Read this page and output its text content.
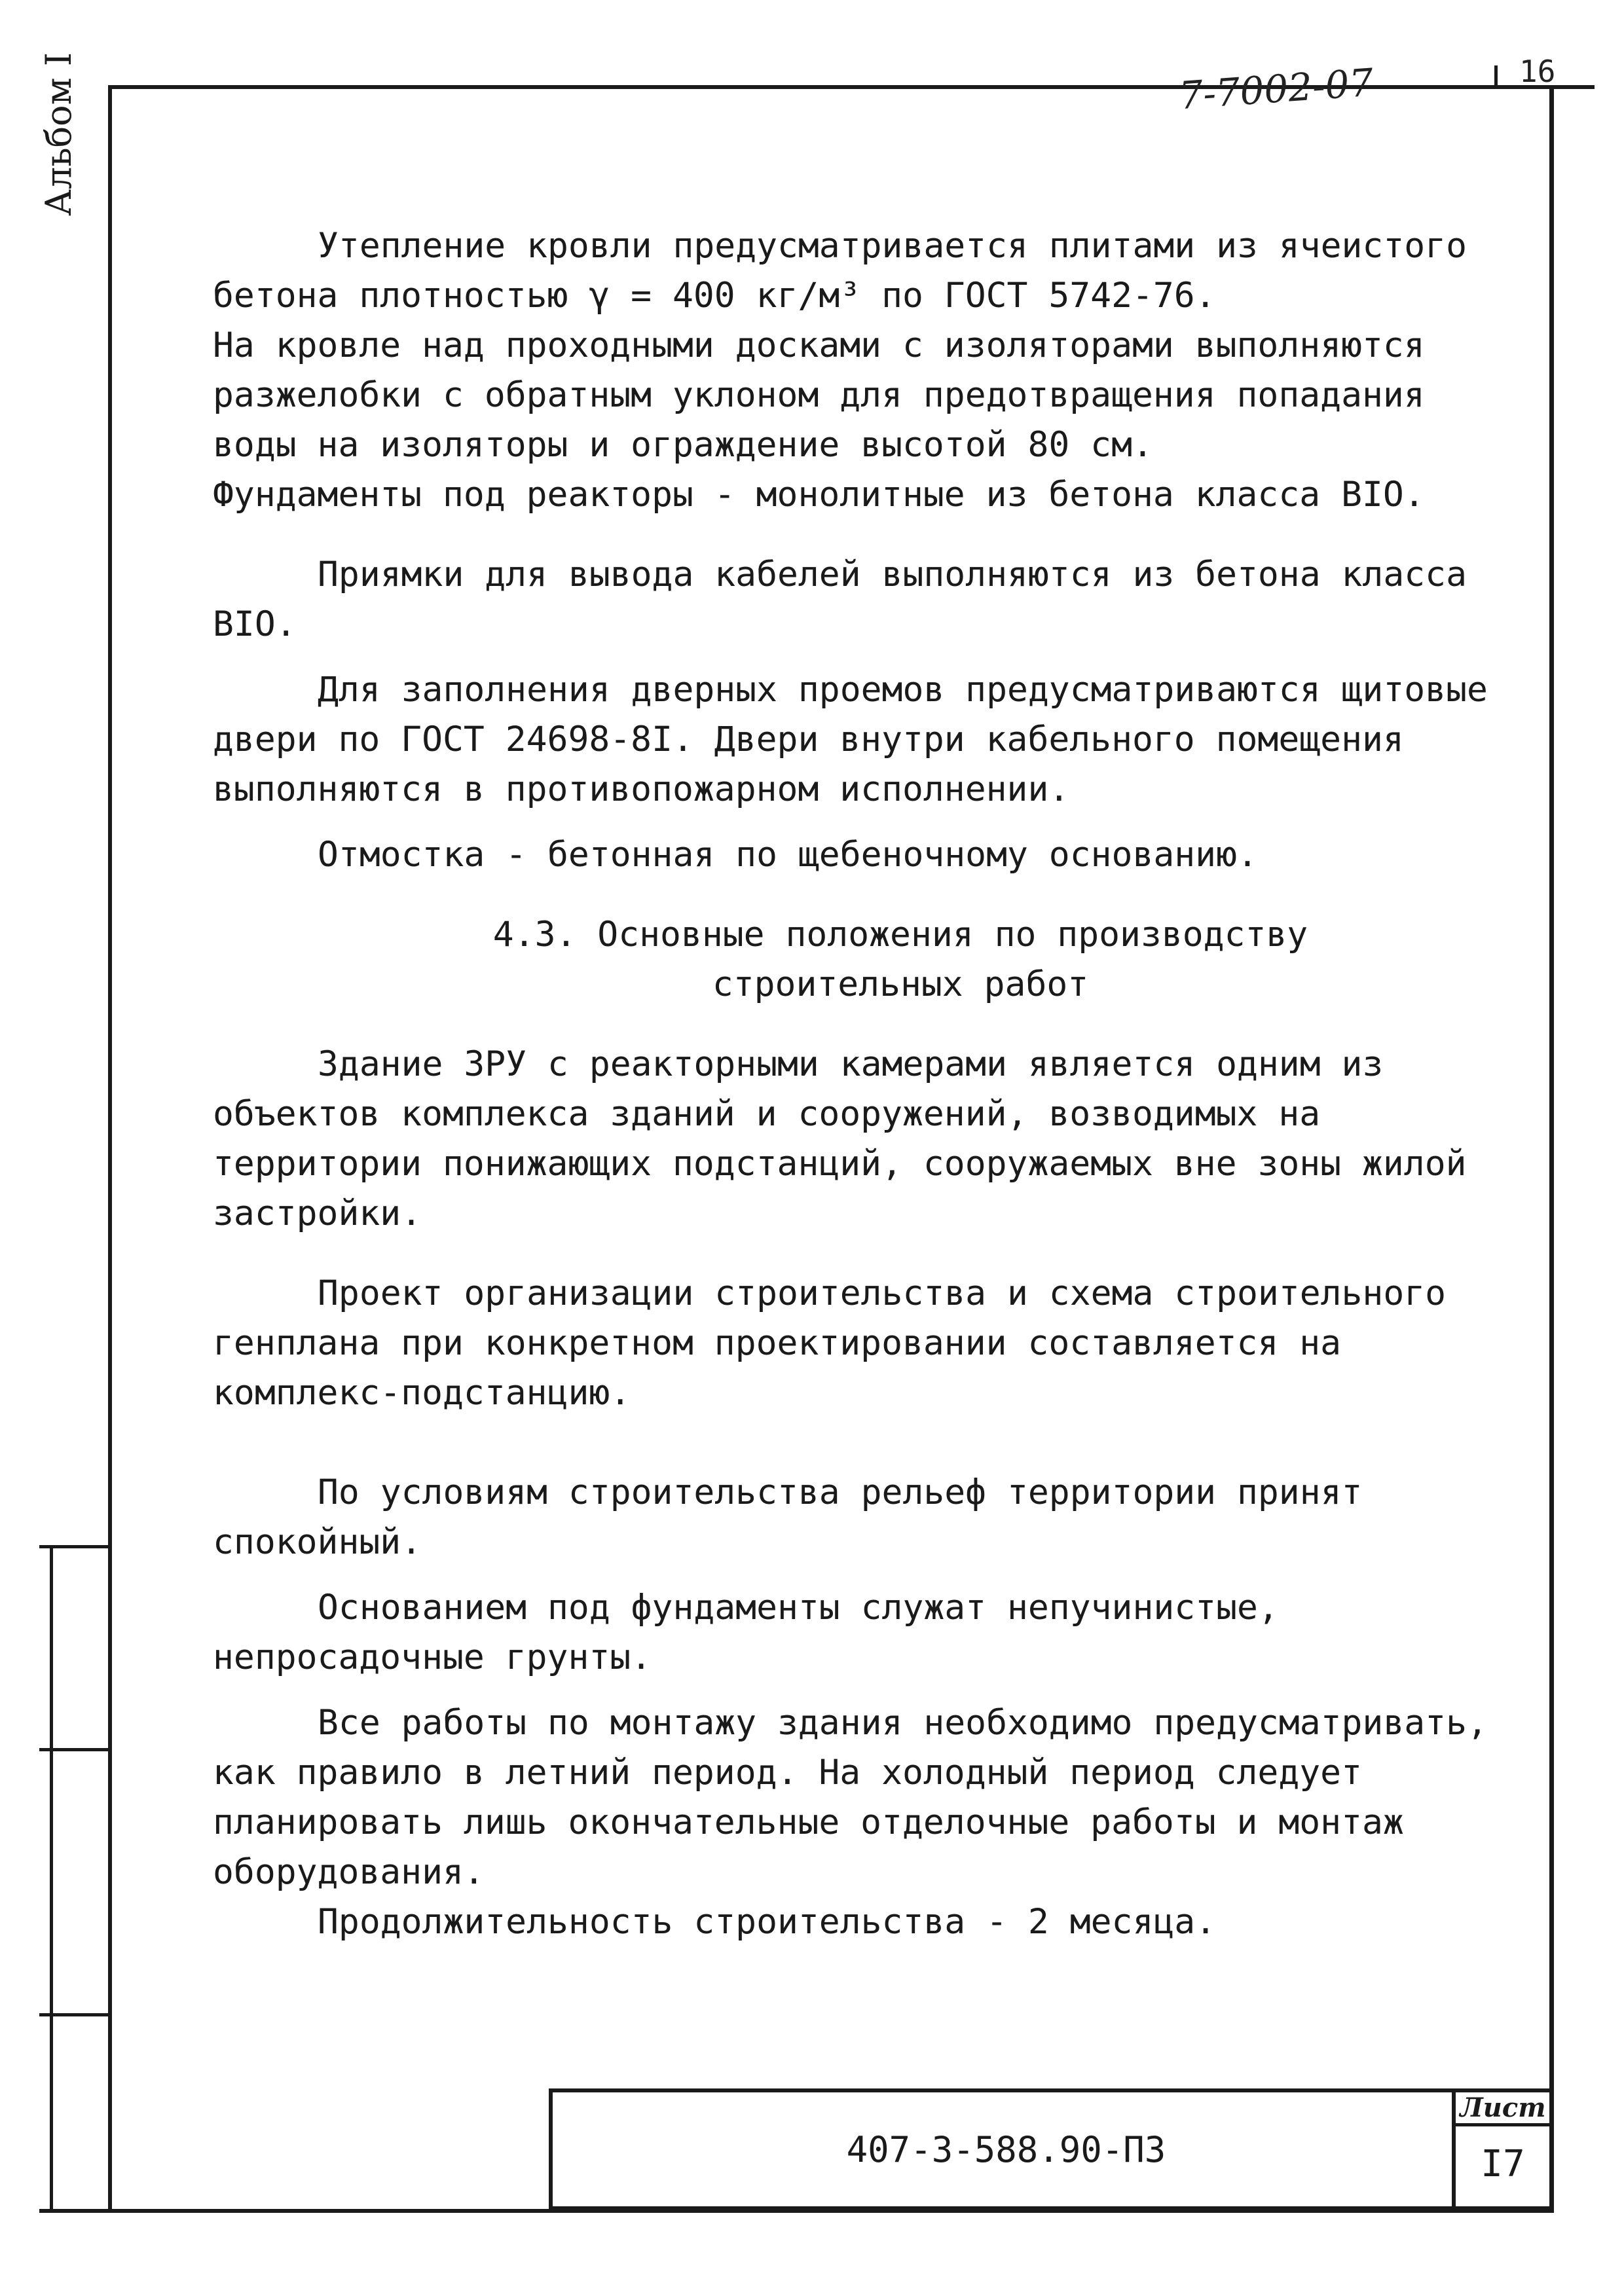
Альбом I	7-7002-07	16

Утепление кровли предусматривается плитами из ячеистого бетона плотностью γ = 400 кг/м³ по ГОСТ 5742-76.

На кровле над проходными досками с изоляторами выполняются разжелобки с обратным уклоном для предотвращения попадания воды на изоляторы и ограждение высотой 80 см.

Фундаменты под реакторы - монолитные из бетона класса BIO.

Приямки для вывода кабелей выполняются из бетона класса BIO.

Для заполнения дверных проемов предусматриваются щитовые двери по ГОСТ 24698-8I. Двери внутри кабельного помещения выполняются в противопожарном исполнении.

Отмостка - бетонная по щебеночному основанию.

4.3. Основные положения по производству
строительных работ

Здание ЗРУ с реакторными камерами является одним из объектов комплекса зданий и сооружений, возводимых на территории понижающих подстанций, сооружаемых вне зоны жилой застройки.

Проект организации строительства и схема строительного генплана при конкретном проектировании составляется на комплекс-подстанцию.

По условиям строительства рельеф территории принят спокойный.

Основанием под фундаменты служат непучинистые, непросадочные грунты.

Все работы по монтажу здания необходимо предусматривать, как правило в летний период. На холодный период следует планировать лишь окончательные отделочные работы и монтаж оборудования.

Продолжительность строительства - 2 месяца.

407-3-588.90-ПЗ
Лист
I7
